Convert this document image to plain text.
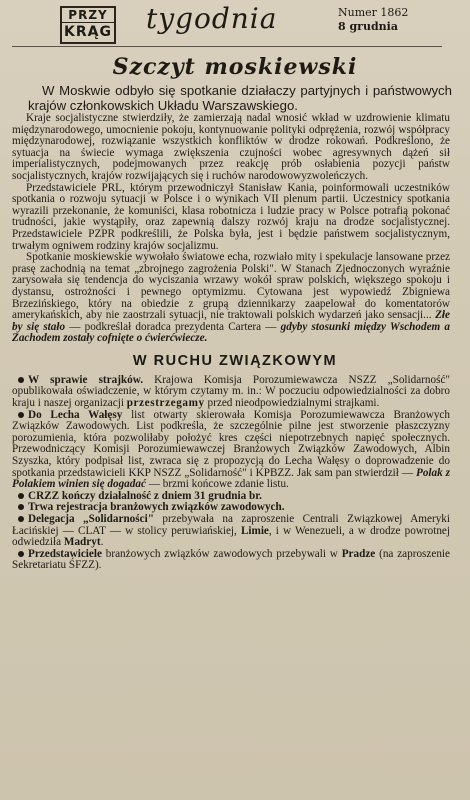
PRZY
KRĄG tygodnia	Numer 1862
8 grudnia
Szczyt moskiewski
W Moskwie odbyło się spotkanie działaczy partyjnych i państwowych krajów członkowskich Układu Warszawskiego.

Kraje socjalistyczne stwierdziły, że zamierzają nadal wnosić wkład w uzdrowienie klimatu międzynarodowego, umocnienie pokoju, kontynuowanie polityki odprężenia, rozwój współpracy międzynarodowej, rozwiązanie wszystkich konfliktów w drodze rokowań. Podkreślono, że sytuacja na świecie wymaga zwiększenia czujności wobec agresywnych dążeń sił imperialistycznych, podejmowanych przez reakcję prób osłabienia pozycji państw socjalistycznych, krajów rozwijających się i ruchów narodowowyzwoleńczych.

Przedstawiciele PRL, którym przewodniczył Stanisław Kania, poinformowali uczestników spotkania o rozwoju sytuacji w Polsce i o wynikach VII plenum partii. Uczestnicy spotkania wyrazili przekonanie, że komuniści, klasa robotnicza i ludzie pracy w Polsce potrafią pokonać trudności, jakie wystąpiły, oraz zapewnią dalszy rozwój kraju na drodze socjalistycznej. Przedstawiciele PZPR podkreślili, że Polska była, jest i będzie państwem socjalistycznym, trwałym ogniwem rodziny krajów socjalizmu.

Spotkanie moskiewskie wywołało światowe echa, rozwiało mity i spekulacje lansowane przez prasę zachodnią na temat „zbrojnego zagrożenia Polski". W Stanach Zjednoczonych wyraźnie zarysowała się tendencja do wyciszania wrzawy wokół spraw polskich, większego spokoju i dystansu, ostrożności i pewnego optymizmu. Cytowana jest wypowiedź Zbigniewa Brzezińskiego, który na obiedzie z grupą dziennikarzy zaapelował do komentatorów amerykańskich, aby nie zaostrzali sytuacji, nie traktowali polskich wydarzeń jako sensacji... Złe by się stało — podkreślał doradca prezydenta Cartera — gdyby stosunki między Wschodem a Zachodem zostały cofnięte o ćwierćwiecze.

W RUCHU ZWIĄZKOWYM

W sprawie strajków. Krajowa Komisja Porozumiewawcza NSZZ „Solidarność" opublikowała oświadczenie, w którym czytamy m. in.: W poczuciu odpowiedzialności za dobro kraju i naszej organizacji przestrzegamy przed nieodpowiedzialnymi strajkami.

Do Lecha Wałęsy list otwarty skierowała Komisja Porozumiewawcza Branżowych Związków Zawodowych. List podkreśla, że szczególnie pilne jest stworzenie płaszczyzny porozumienia, która pozwoliłaby położyć kres części niepotrzebnych napięć społecznych. Przewodniczący Komisji Porozumiewawczej Branżowych Związków Zawodowych, Albin Szyszka, który podpisał list, zwraca się z propozycją do Lecha Wałęsy o doprowadzenie do spotkania przedstawicieli KKP NSZZ „Solidarność" i KPBZZ. Jak sam pan stwierdził — Polak z Polakiem winien się dogadać — brzmi końcowe zdanie listu.

CRZZ kończy działalność z dniem 31 grudnia br.

Trwa rejestracja branżowych związków zawodowych.

Delegacja „Solidarności" przebywała na zaproszenie Centrali Związkowej Ameryki Łacińskiej — CLAT — w stolicy peruwiańskiej, Limie, i w Wenezueli, a w drodze powrotnej odwiedziła Madryt.

Przedstawiciele branżowych związków zawodowych przebywali w Pradze (na zaproszenie Sekretariatu ŚFZZ).
